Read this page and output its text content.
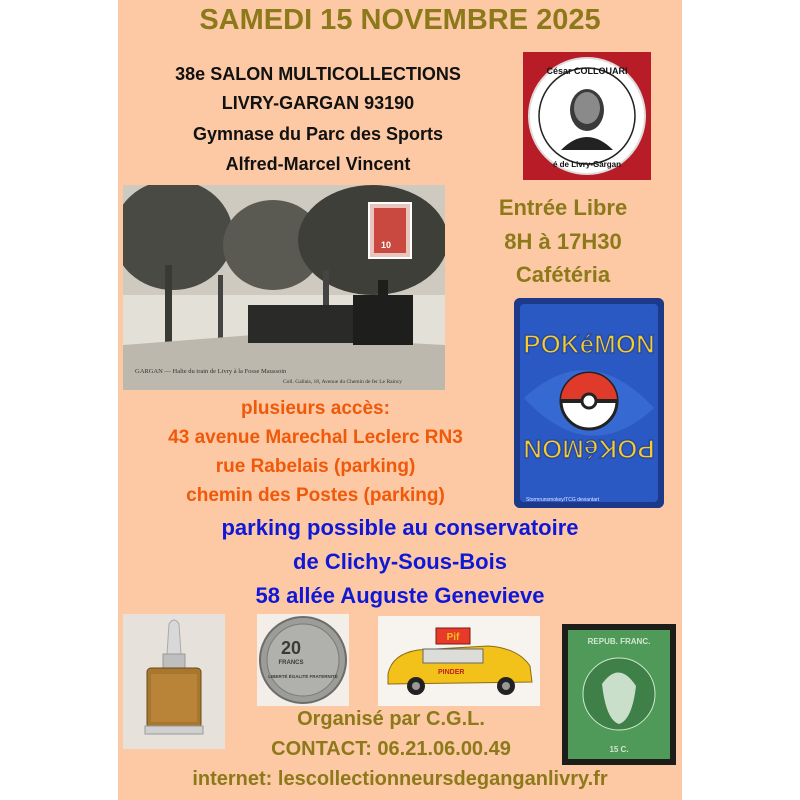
SAMEDI 15 NOVEMBRE 2025
38e SALON MULTICOLLECTIONS
LIVRY-GARGAN 93190
Gymnase du Parc des Sports
Alfred-Marcel Vincent
César COLLOUARI
é de Livry-Gargan
10
GARGAN — Halte du train de Livry à la Fosse Maussoin
Coll. Gallais, 18, Avenue du Chemin de fer Le Raincy
Entrée Libre
8H à 17H30
Cafétéria
POKéMON
POKéMON
Stormrunsmokey/TCG deviantart
plusieurs accès:
43 avenue Marechal Leclerc RN3
rue Rabelais (parking)
chemin des Postes (parking)
parking possible au conservatoire
de Clichy-Sous-Bois
58 allée Auguste Genevieve
20
FRANCS
LIBERTÉ ÉGALITÉ FRATERNITÉ
Pif
PINDER
REPUB. FRANC.
15 C.
Organisé par C.G.L.
CONTACT: 06.21.06.00.49
internet: lescollectionneursdeganganlivry.fr
